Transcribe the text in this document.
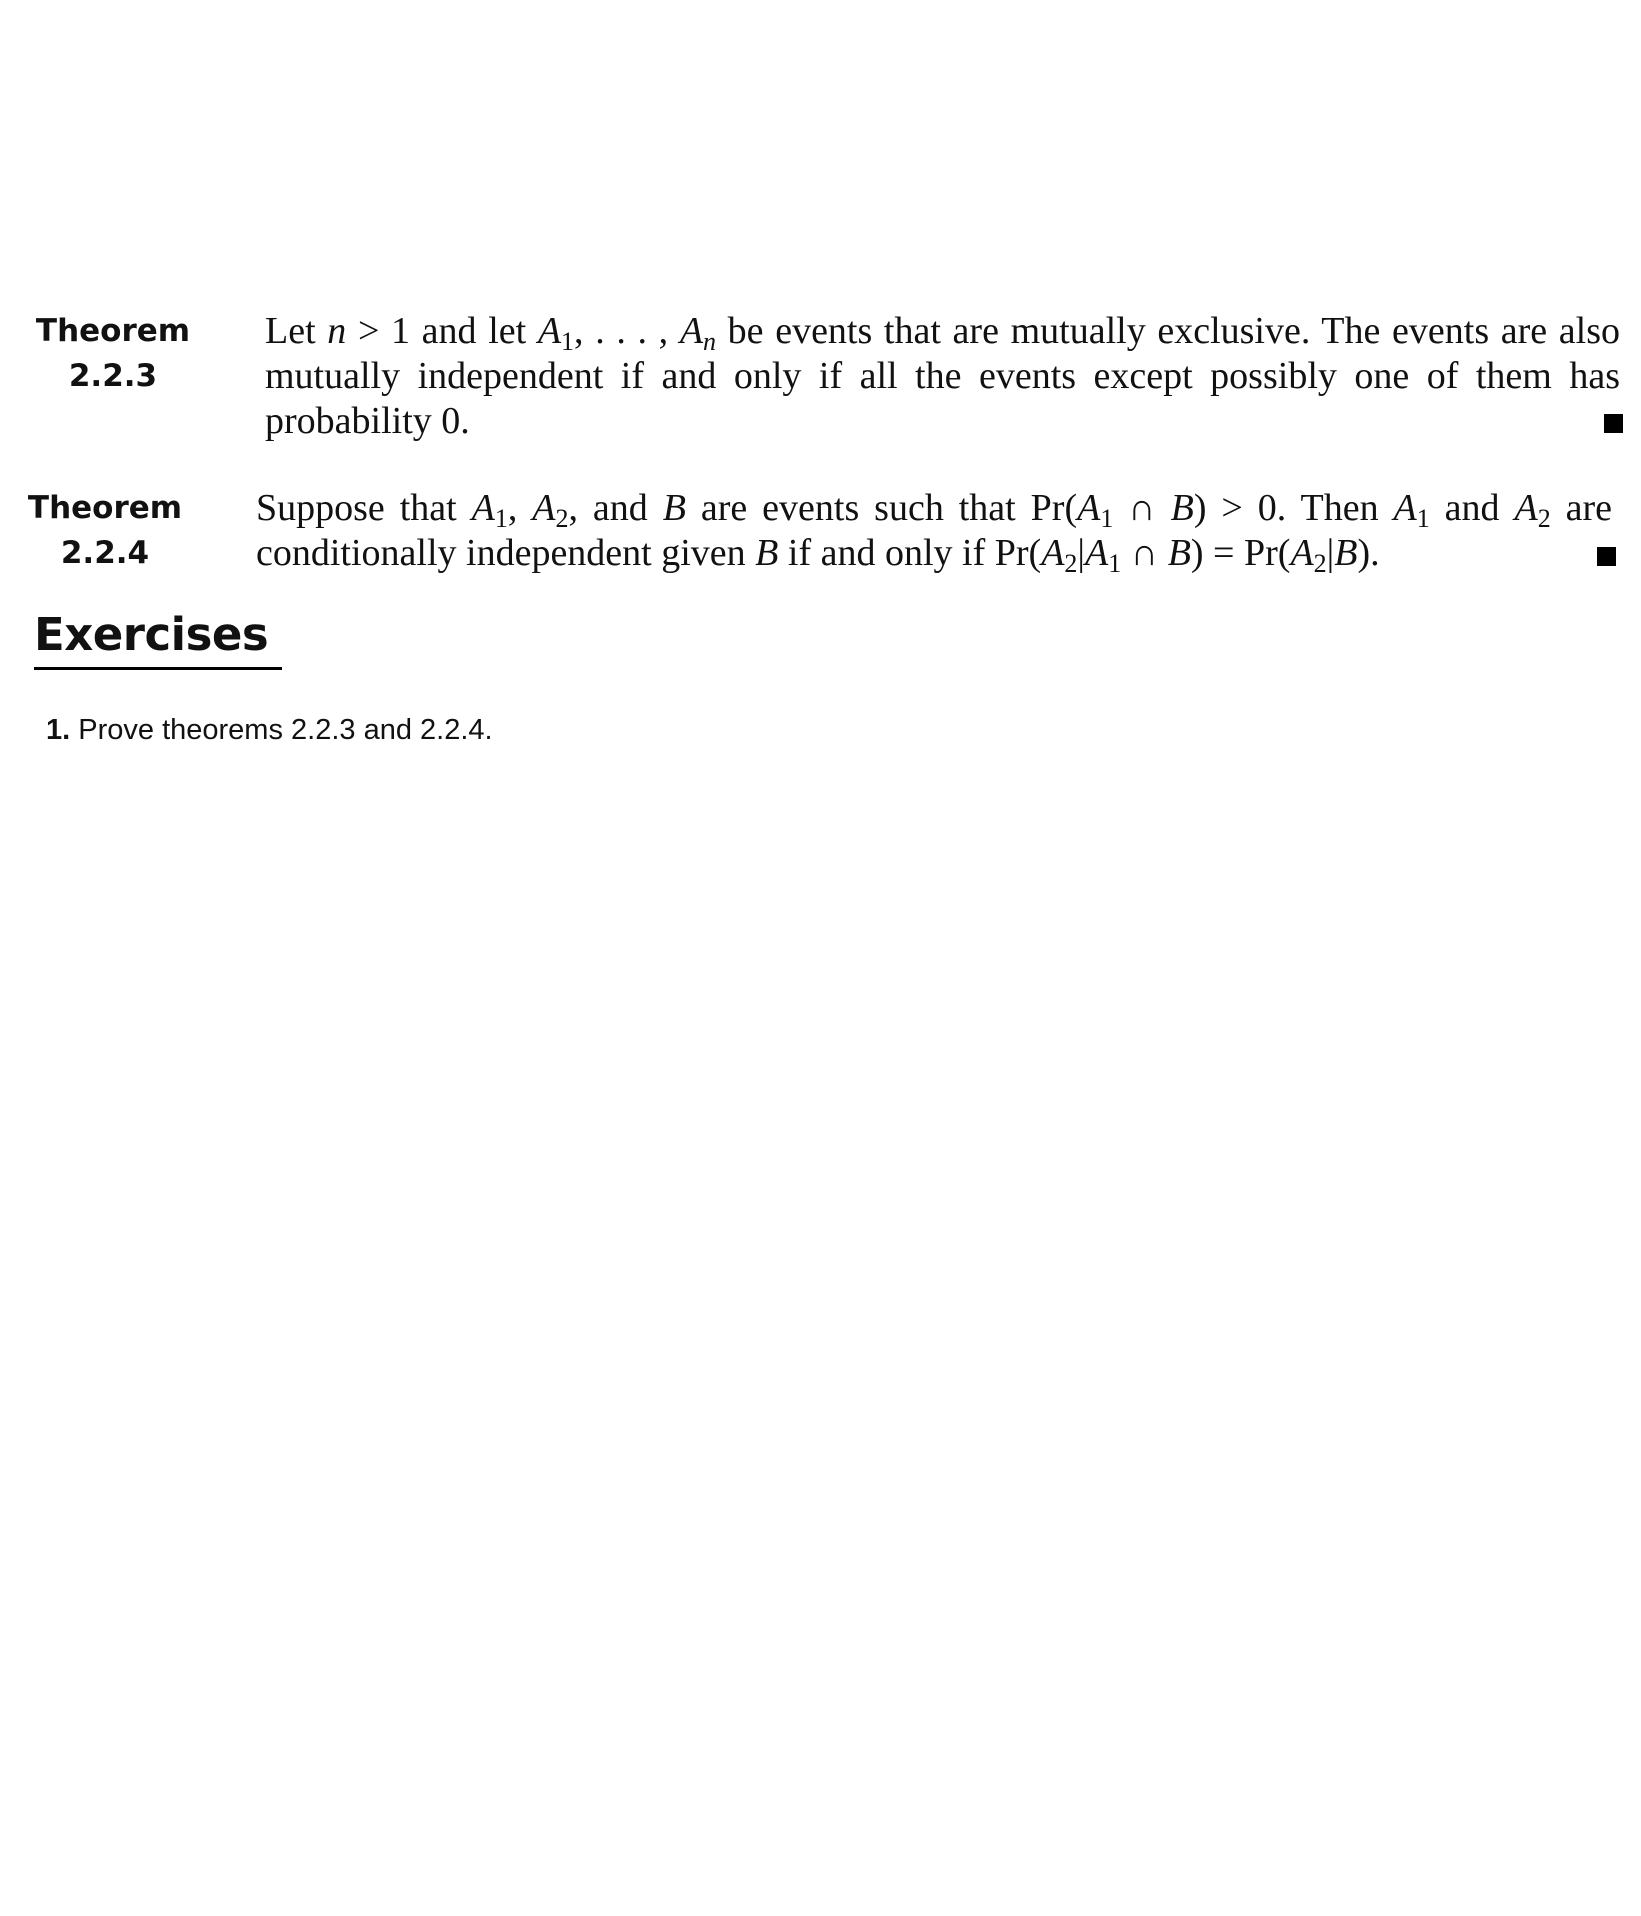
Theorem
2.2.3
Let n > 1 and let $A_1$, . . . , $A_n$ be events that are mutually exclusive. The events are also mutually independent if and only if all the events except possibly one of them has probability 0.
Theorem
2.2.4
Suppose that $A_1$, $A_2$, and B are events such that $Pr(A_1$ ∩ B) > 0. Then $A_1$ and $A_2$ are conditionally independent given B if and only if $Pr(A_2|A_1$ ∩ $B) = Pr(A_2|B)$.
Exercises
1. Prove theorems 2.2.3 and 2.2.4.
